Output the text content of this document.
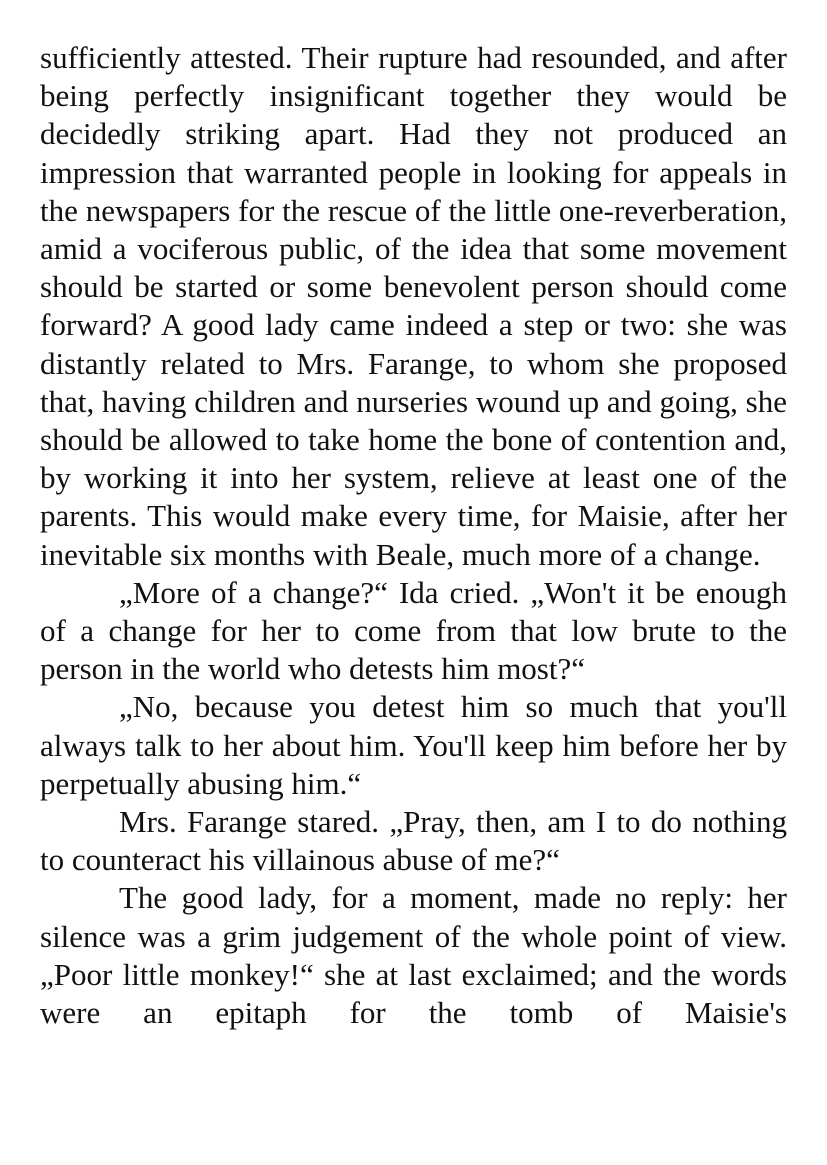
sufficiently attested. Their rupture had resounded, and after being perfectly insignificant together they would be decidedly striking apart. Had they not produced an impression that warranted people in looking for appeals in the newspapers for the rescue of the little one-reverberation, amid a vociferous public, of the idea that some movement should be started or some benevolent person should come forward? A good lady came indeed a step or two: she was distantly related to Mrs. Farange, to whom she proposed that, having children and nurseries wound up and going, she should be allowed to take home the bone of contention and, by working it into her system, relieve at least one of the parents. This would make every time, for Maisie, after her inevitable six months with Beale, much more of a change.

„More of a change?“ Ida cried. „Won't it be enough of a change for her to come from that low brute to the person in the world who detests him most?“

„No, because you detest him so much that you'll always talk to her about him. You'll keep him before her by perpetually abusing him.“

Mrs. Farange stared. „Pray, then, am I to do nothing to counteract his villainous abuse of me?“

The good lady, for a moment, made no reply: her silence was a grim judgement of the whole point of view. „Poor little monkey!“ she at last exclaimed; and the words were an epitaph for the tomb of Maisie's
